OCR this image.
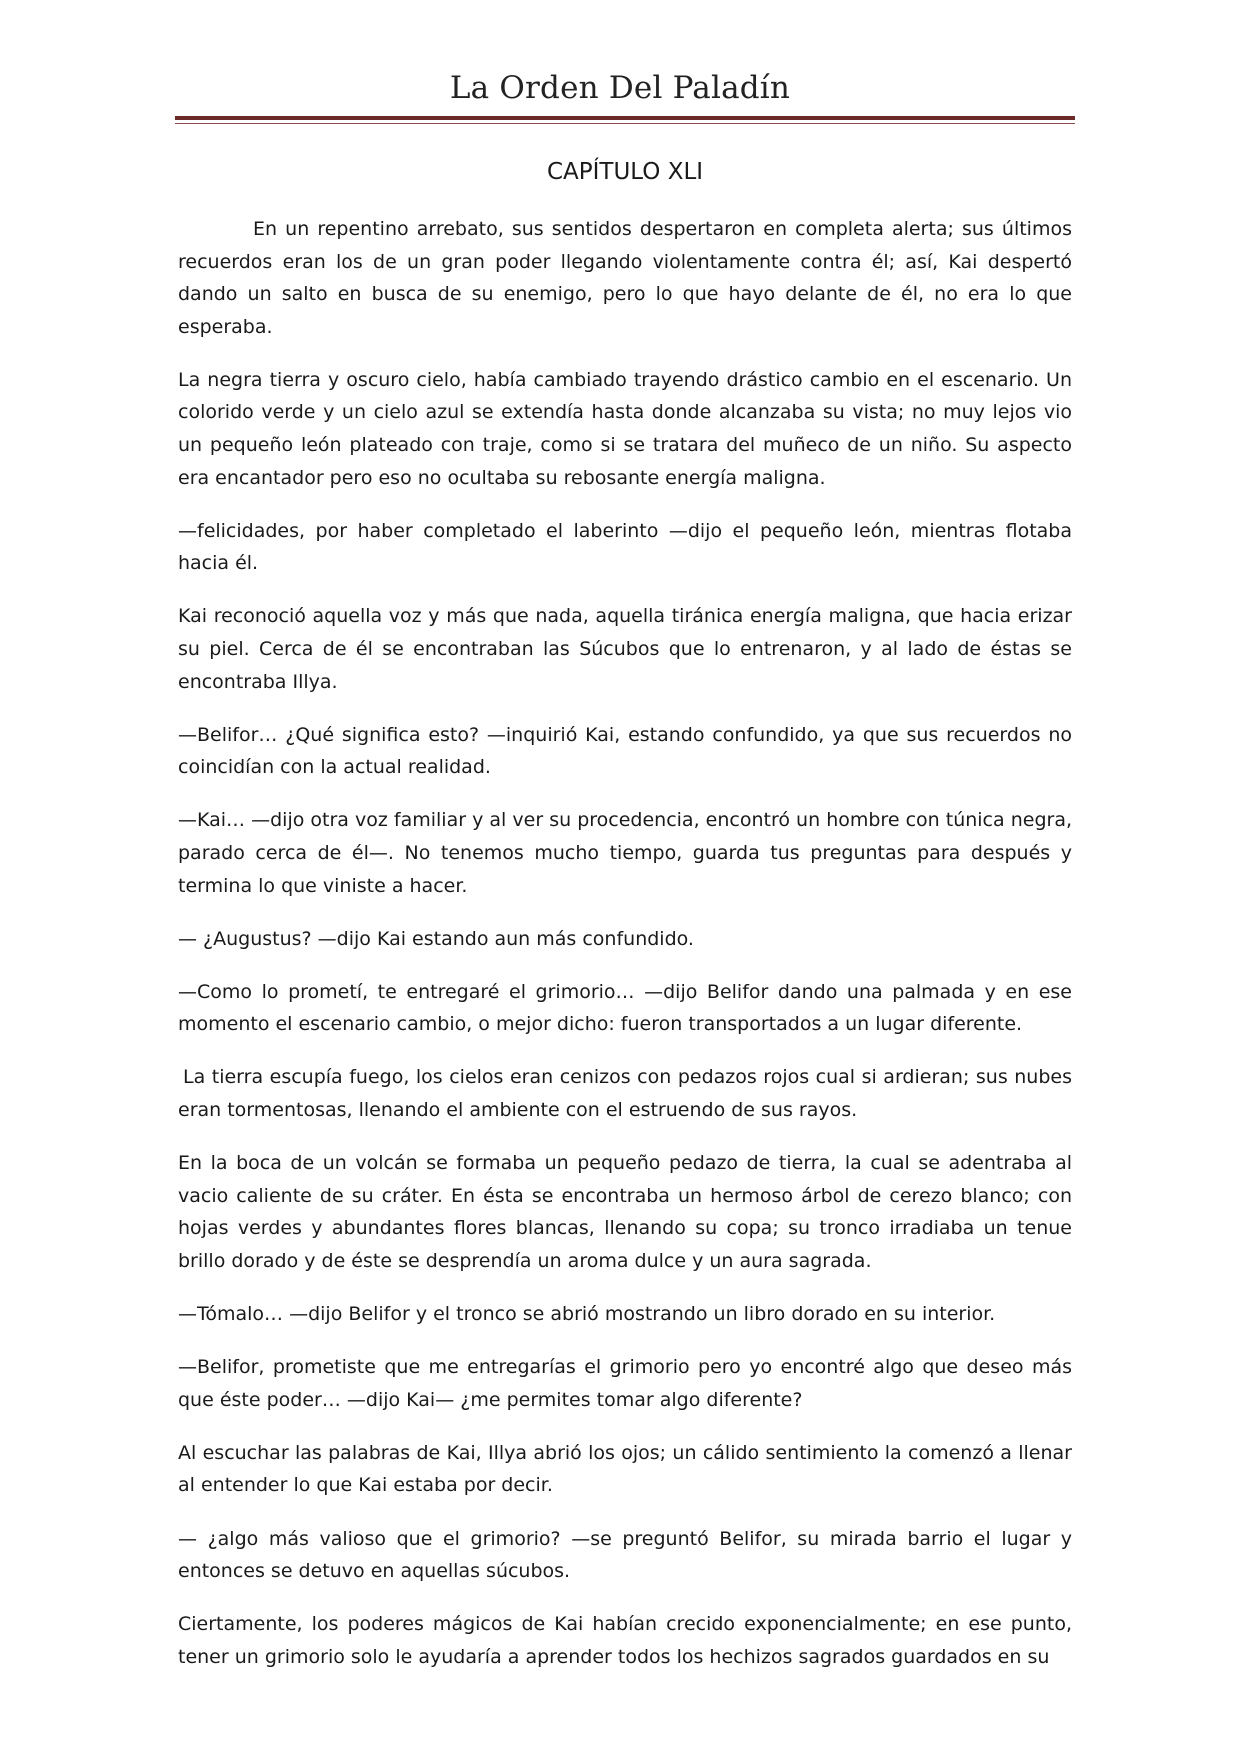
La Orden Del Paladín
CAPÍTULO XLI

En un repentino arrebato, sus sentidos despertaron en completa alerta; sus últimos recuerdos eran los de un gran poder llegando violentamente contra él; así, Kai despertó dando un salto en busca de su enemigo, pero lo que hayo delante de él, no era lo que esperaba.

La negra tierra y oscuro cielo, había cambiado trayendo drástico cambio en el escenario. Un colorido verde y un cielo azul se extendía hasta donde alcanzaba su vista; no muy lejos vio un pequeño león plateado con traje, como si se tratara del muñeco de un niño. Su aspecto era encantador pero eso no ocultaba su rebosante energía maligna.

—felicidades, por haber completado el laberinto —dijo el pequeño león, mientras flotaba hacia él.

Kai reconoció aquella voz y más que nada, aquella tiránica energía maligna, que hacia erizar su piel. Cerca de él se encontraban las Súcubos que lo entrenaron, y al lado de éstas se encontraba Illya.

—Belifor… ¿Qué significa esto? —inquirió Kai, estando confundido, ya que sus recuerdos no coincidían con la actual realidad.

—Kai… —dijo otra voz familiar y al ver su procedencia, encontró un hombre con túnica negra, parado cerca de él—. No tenemos mucho tiempo, guarda tus preguntas para después y termina lo que viniste a hacer.

— ¿Augustus? —dijo Kai estando aun más confundido.

—Como lo prometí, te entregaré el grimorio… —dijo Belifor dando una palmada y en ese momento el escenario cambio, o mejor dicho: fueron transportados a un lugar diferente.

La tierra escupía fuego, los cielos eran cenizos con pedazos rojos cual si ardieran; sus nubes eran tormentosas, llenando el ambiente con el estruendo de sus rayos.

En la boca de un volcán se formaba un pequeño pedazo de tierra, la cual se adentraba al vacio caliente de su cráter. En ésta se encontraba un hermoso árbol de cerezo blanco; con hojas verdes y abundantes flores blancas, llenando su copa; su tronco irradiaba un tenue brillo dorado y de éste se desprendía un aroma dulce y un aura sagrada.

—Tómalo… —dijo Belifor y el tronco se abrió mostrando un libro dorado en su interior.

—Belifor, prometiste que me entregarías el grimorio pero yo encontré algo que deseo más que éste poder… —dijo Kai— ¿me permites tomar algo diferente?

Al escuchar las palabras de Kai, Illya abrió los ojos; un cálido sentimiento la comenzó a llenar al entender lo que Kai estaba por decir.

— ¿algo más valioso que el grimorio? —se preguntó Belifor, su mirada barrio el lugar y entonces se detuvo en aquellas súcubos.

Ciertamente, los poderes mágicos de Kai habían crecido exponencialmente; en ese punto, tener un grimorio solo le ayudaría a aprender todos los hechizos sagrados guardados en su
